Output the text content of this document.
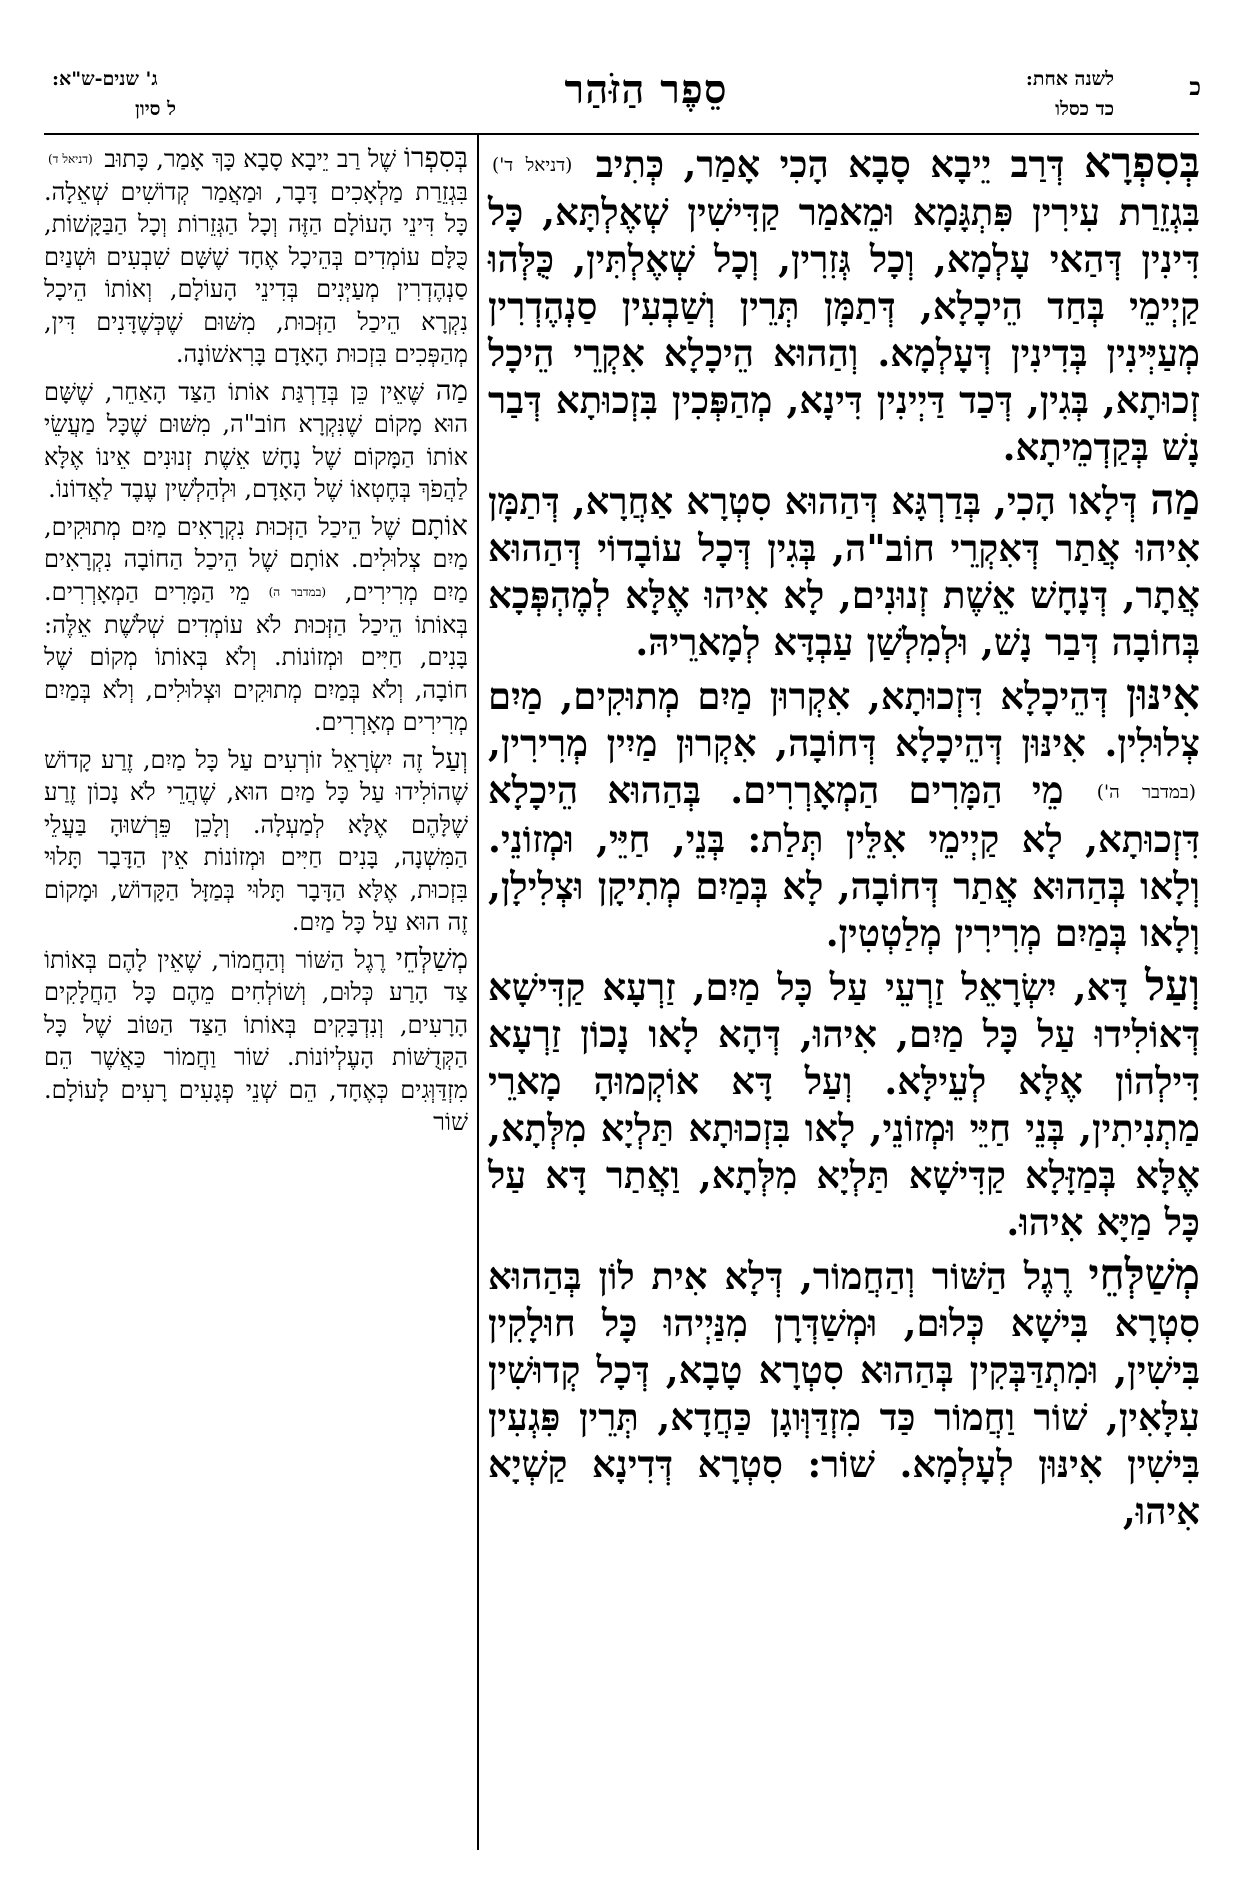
ג' שנים-ש"א:
ל סיון	סֵפֶר הַזֹּהַר	לשנה אחת:
כד כסלו
כ

בְּסִפְרָא דְּרַב יֵיבָא סָבָא הָכִי אָמַר, כְּתִיב (דניאל ד') בִּגְזֵרַת עִירִין פִּתְגָּמָא וּמֵאמַר קַדִּישִׁין שְׁאֶלְתָּא, כָּל דִּינִין דְּהַאי עָלְמָא, וְכָל גְּזִרִין, וְכָל שְׁאֶלְתִּין, כֻּלְּהוּ קַיְימֵי בְּחַד הֵיכָלָא, דְּתַמָּן תְּרֵין וְשַׁבְעִין סַנְהֶדְרִין מְעַיְּינִין בְּדִינִין דְּעָלְמָא. וְהַהוּא הֵיכָלָא אִקְרֵי הֵיכָל זְכוּתָא, בְּגִין, דְּכַד דַּיְינִין דִּינָא, מְהַפְּכִין בִּזְכוּתָא דְּבַר נָשׁ בְּקַדְמֵיתָא.

מַה דְּלָאו הָכִי, בְּדַרְגָּא דְּהַהוּא סִטְרָא אַחֲרָא, דְּתַמָּן אִיהוּ אֲתַר דְּאִקְרֵי חוֹב"ה, בְּגִין דְּכָל עוֹבָדוֹי דְּהַהוּא אֲתָר, דְּנָחָשׁ אֵשֶׁת זְנוּנִים, לָא אִיהוּ אֶלָּא לְמֶהְפְּכָא בְּחוֹבָה דְּבַר נָשׁ, וּלְמִלְשַׁן עַבְדָּא לְמָארֵיהּ.

אִינּוּן דְּהֵיכָלָא דִּזְכוּתָא, אִקְרוּן מַיִם מְתוּקִים, מַיִם צְלוּלִין. אִינּוּן דְּהֵיכָלָא דְּחוֹבָה, אִקְרוּן מַיִין מְרִירִין, (במדבר ה') מֵי הַמָּרִים הַמְאָרְרִים. בְּהַהוּא הֵיכָלָא דִּזְכוּתָא, לָא קַיְימֵי אִלֵּין תְּלַת: בְּנֵי, חַיֵּי, וּמְזוֹנֵי. וְלָאו בְּהַהוּא אֲתַר דְּחוֹבָה, לָא בְּמַיִם מְתִיקָן וּצְלִילָן, וְלָאו בְּמַיִם מְרִירִין מְלַטְטִין.

וְעַל דָּא, יִשְׂרָאֵל זַרְעֵי עַל כָּל מַיִם, זַרְעָא קַדִּישָׁא דְּאוֹלִידוּ עַל כָּל מַיִם, אִיהוּ, דְּהָא לָאו נָכוֹן זַרְעָא דִּילְהוֹן אֶלָּא לְעֵילָּא. וְעַל דָּא אוֹקְמוּהָ מָארֵי מַתְנִיתִין, בְּנֵי חַיֵּי וּמְזוֹנֵי, לָאו בִּזְכוּתָא תַּלְיָא מִלְּתָא, אֶלָּא בְּמַזָּלָא קַדִּישָׁא תַּלְיָא מִלְּתָא, וַאֲתַר דָּא עַל כָּל מַיָּא אִיהוּ.

מְשַׁלְּחֵי רֶגֶל הַשּׁוֹר וְהַחֲמוֹר, דְּלָא אִית לוֹן בְּהַהוּא סִטְרָא בִּישָׁא כְּלוּם, וּמְשַׁדְּרָן מִנַּיְיהוּ כָּל חוּלָקִין בִּישִׁין, וּמִתְדַּבְּקִין בְּהַהוּא סִטְרָא טָבָא, דְּכָל קְדוּשִׁין עִלָּאִין, שׁוֹר וַחֲמוֹר כַּד מִזְדַּוְּוגָן כַּחֲדָא, תְּרֵין פִּגְעִין בִּישִׁין אִינּוּן לְעָלְמָא. שׁוֹר: סִטְרָא דְּדִינָא קַשְׁיָא אִיהוּ,

בְּסִפְרוֹ שֶׁל רַב יֵיבָא סָבָא כָּךְ אָמַר, כָּתוּב (דניאל ד) בִּגְזֵרַת מַלְאָכִים דָּבָר, וּמַאֲמַר קְדוֹשִׁים שְׁאֵלָה. כָּל דִּינֵי הָעוֹלָם הַזֶּה וְכָל הַגְּזֵרוֹת וְכָל הַבַּקָּשׁוֹת, כֻּלָּם עוֹמְדִים בְּהֵיכָל אֶחָד שֶׁשָּׁם שִׁבְעִים וּשְׁנַיִם סַנְהֶדְרִין מְעַיְּנִים בְּדִינֵי הָעוֹלָם, וְאוֹתוֹ הֵיכָל נִקְרָא הֵיכַל הַזְּכוּת, מִשּׁוּם שֶׁכְּשֶׁדָּנִים דִּין, מְהַפְּכִים בִּזְכוּת הָאָדָם בָּרִאשׁוֹנָה.

מַה שֶּׁאֵין כֵּן בְּדַרְגַּת אוֹתוֹ הַצַּד הָאַחֵר, שֶׁשָּׁם הוּא מָקוֹם שֶׁנִּקְרָא חוֹב"ה, מִשּׁוּם שֶׁכָּל מַעֲשֵׂי אוֹתוֹ הַמָּקוֹם שֶׁל נָחָשׁ אֵשֶׁת זְנוּנִים אֵינוֹ אֶלָּא לַהֲפֹךְ בְּחֶטְאוֹ שֶׁל הָאָדָם, וּלְהַלְשִׁין עֶבֶד לַאֲדוֹנוֹ.

אוֹתָם שֶׁל הֵיכַל הַזְּכוּת נִקְרָאִים מַיִם מְתוּקִים, מַיִם צְלוּלִים. אוֹתָם שֶׁל הֵיכַל הַחוֹבָה נִקְרָאִים מַיִם מְרִירִים, (במדבר ה) מֵי הַמָּרִים הַמְאָרְרִים. בְּאוֹתוֹ הֵיכַל הַזְּכוּת לֹא עוֹמְדִים שְׁלֹשֶׁת אֵלֶּה: בָּנִים, חַיִּים וּמְזוֹנוֹת. וְלֹא בְּאוֹתוֹ מְקוֹם שֶׁל חוֹבָה, וְלֹא בְּמַיִם מְתוּקִים וּצְלוּלִים, וְלֹא בְּמַיִם מְרִירִים מְאָרְרִים.

וְעַל זֶה יִשְׂרָאֵל זוֹרְעִים עַל כָּל מַיִם, זֶרַע קָדוֹשׁ שֶׁהוֹלִידוּ עַל כָּל מַיִם הוּא, שֶׁהֲרֵי לֹא נָכוֹן זֶרַע שֶׁלָּהֶם אֶלָּא לְמַעְלָה. וְלָכֵן פֵּרְשׁוּהָ בַּעֲלֵי הַמִּשְׁנָה, בָּנִים חַיִּים וּמְזוֹנוֹת אֵין הַדָּבָר תָּלוּי בִּזְכוּת, אֶלָּא הַדָּבָר תָּלוּי בְּמַזָּל הַקָּדוֹשׁ, וּמָקוֹם זֶה הוּא עַל כָּל מַיִם.

מְשַׁלְּחֵי רֶגֶל הַשּׁוֹר וְהַחֲמוֹר, שֶׁאֵין לָהֶם בְּאוֹתוֹ צַד הָרַע כְּלוּם, וְשׁוֹלְחִים מֵהֶם כָּל הַחֲלָקִים הָרָעִים, וְנִדְבָּקִים בְּאוֹתוֹ הַצַּד הַטּוֹב שֶׁל כָּל הַקְּדֻשּׁוֹת הָעֶלְיוֹנוֹת. שׁוֹר וַחֲמוֹר כַּאֲשֶׁר הֵם מִזְדַּוְּגִים כְּאֶחָד, הֵם שְׁנֵי פְגָעִים רָעִים לָעוֹלָם. שׁוֹר
